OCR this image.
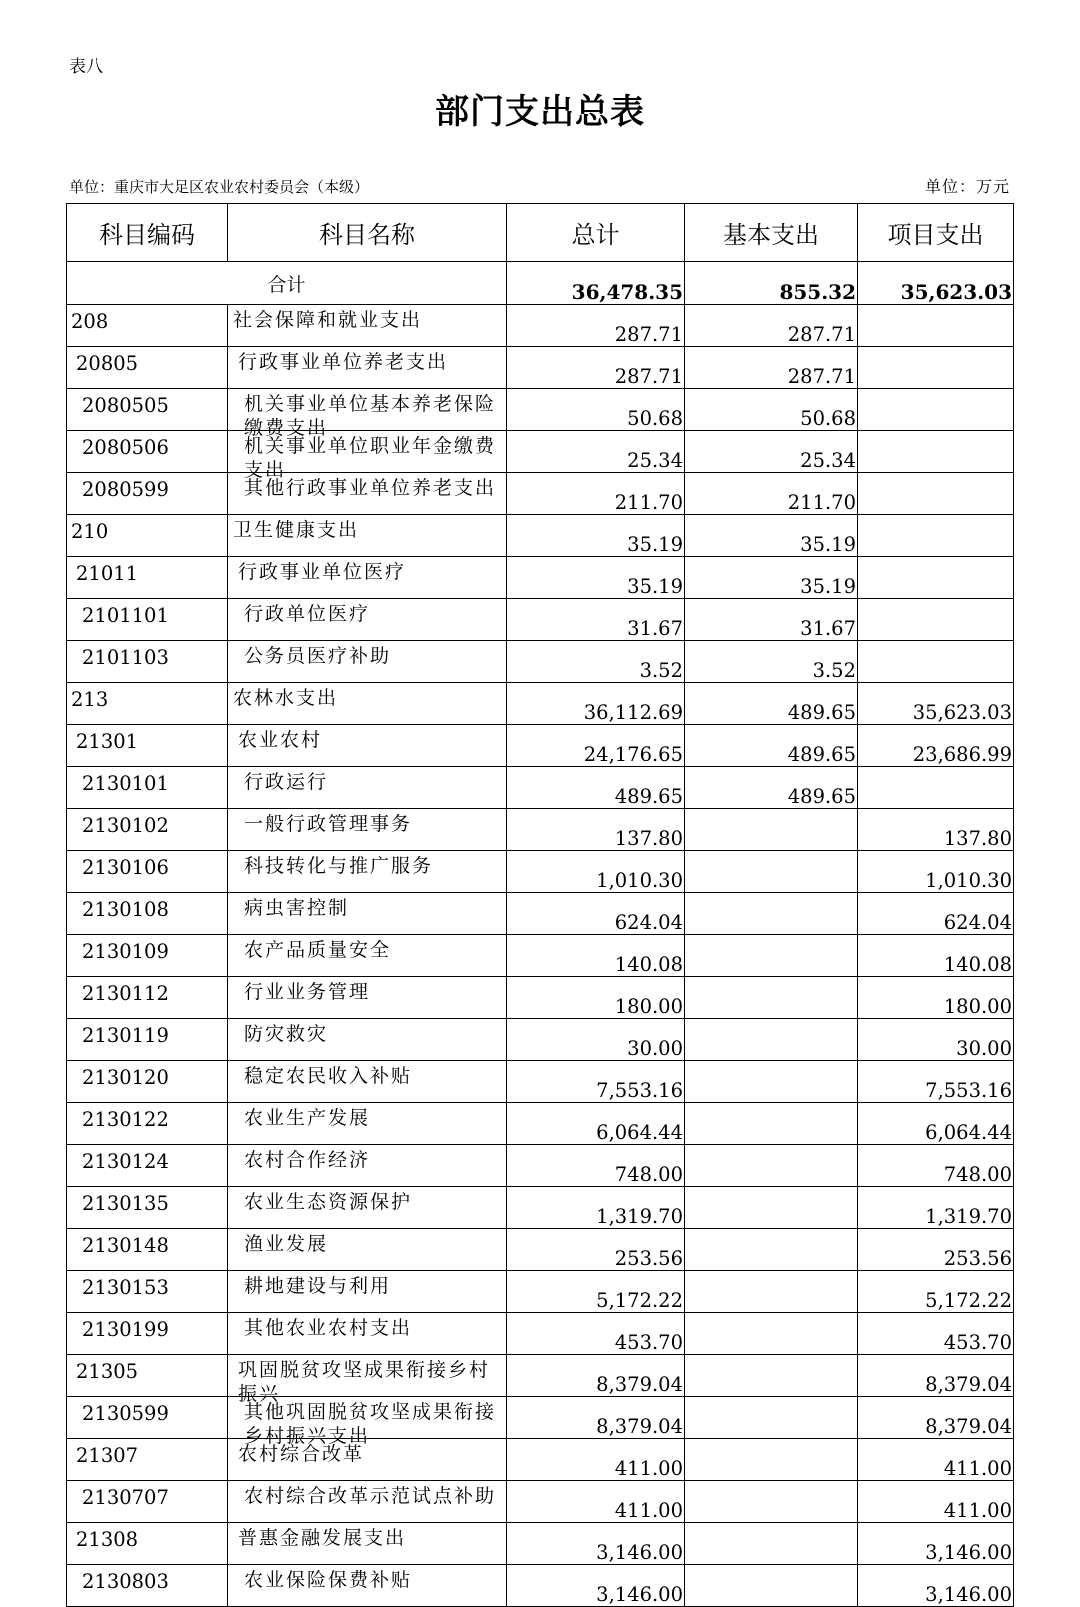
表八
部门支出总表
单位：重庆市大足区农业农村委员会（本级）	单位：万元
科目编码	科目名称	总计	基本支出	项目支出
合计		36,478.35	855.32	35,623.03
208	社会保障和就业支出	287.71	287.71	
20805	行政事业单位养老支出	287.71	287.71	
2080505	机关事业单位基本养老保险缴费支出	50.68	50.68	
2080506	机关事业单位职业年金缴费支出	25.34	25.34	
2080599	其他行政事业单位养老支出	211.70	211.70	
210	卫生健康支出	35.19	35.19	
21011	行政事业单位医疗	35.19	35.19	
2101101	行政单位医疗	31.67	31.67	
2101103	公务员医疗补助	3.52	3.52	
213	农林水支出	36,112.69	489.65	35,623.03
21301	农业农村	24,176.65	489.65	23,686.99
2130101	行政运行	489.65	489.65	
2130102	一般行政管理事务	137.80		137.80
2130106	科技转化与推广服务	1,010.30		1,010.30
2130108	病虫害控制	624.04		624.04
2130109	农产品质量安全	140.08		140.08
2130112	行业业务管理	180.00		180.00
2130119	防灾救灾	30.00		30.00
2130120	稳定农民收入补贴	7,553.16		7,553.16
2130122	农业生产发展	6,064.44		6,064.44
2130124	农村合作经济	748.00		748.00
2130135	农业生态资源保护	1,319.70		1,319.70
2130148	渔业发展	253.56		253.56
2130153	耕地建设与利用	5,172.22		5,172.22
2130199	其他农业农村支出	453.70		453.70
21305	巩固脱贫攻坚成果衔接乡村振兴	8,379.04		8,379.04
2130599	其他巩固脱贫攻坚成果衔接乡村振兴支出	8,379.04		8,379.04
21307	农村综合改革	411.00		411.00
2130707	农村综合改革示范试点补助	411.00		411.00
21308	普惠金融发展支出	3,146.00		3,146.00
2130803	农业保险保费补贴	3,146.00		3,146.00
